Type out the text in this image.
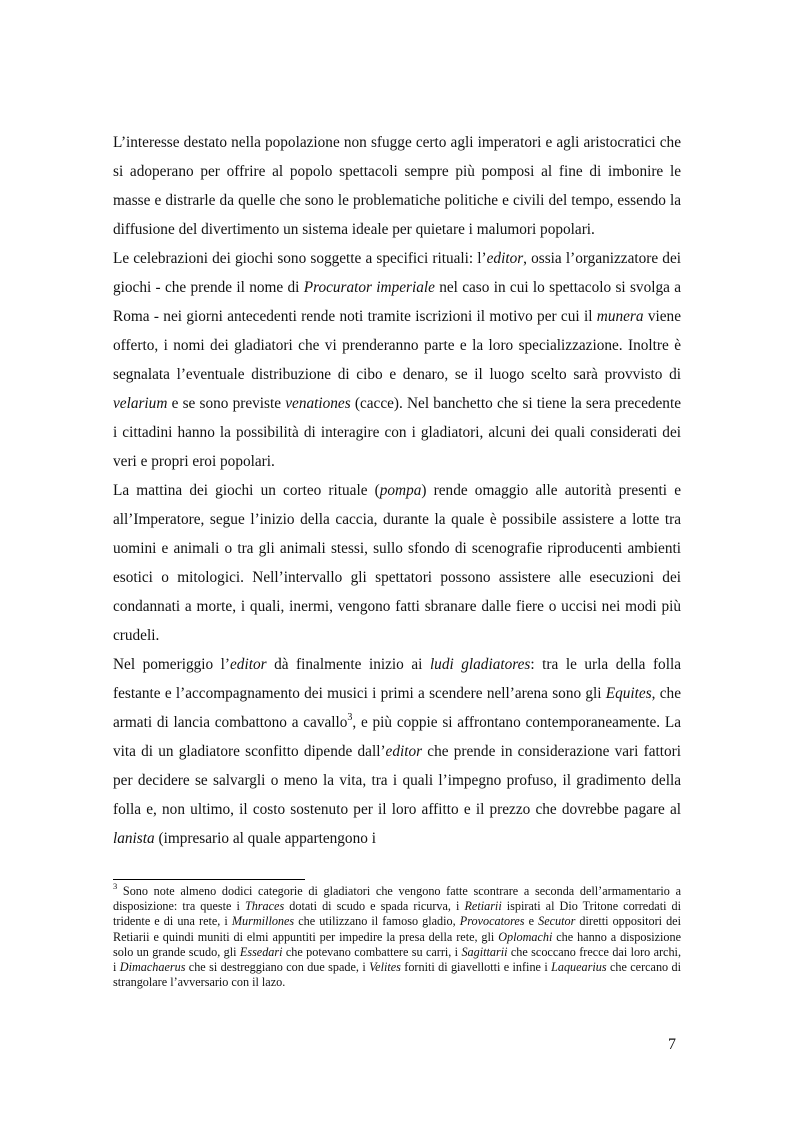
L’interesse destato nella popolazione non sfugge certo agli imperatori e agli aristocratici che si adoperano per offrire al popolo spettacoli sempre più pomposi al fine di imbonire le masse e distrarle da quelle che sono le problematiche politiche e civili del tempo, essendo la diffusione del divertimento un sistema ideale per quietare i malumori popolari.

Le celebrazioni dei giochi sono soggette a specifici rituali: l’editor, ossia l’organizzatore dei giochi - che prende il nome di Procurator imperiale nel caso in cui lo spettacolo si svolga a Roma - nei giorni antecedenti rende noti tramite iscrizioni il motivo per cui il munera viene offerto, i nomi dei gladiatori che vi prenderanno parte e la loro specializzazione. Inoltre è segnalata l’eventuale distribuzione di cibo e denaro, se il luogo scelto sarà provvisto di velarium e se sono previste venationes (cacce). Nel banchetto che si tiene la sera precedente i cittadini hanno la possibilità di interagire con i gladiatori, alcuni dei quali considerati dei veri e propri eroi popolari.

La mattina dei giochi un corteo rituale (pompa) rende omaggio alle autorità presenti e all’Imperatore, segue l’inizio della caccia, durante la quale è possibile assistere a lotte tra uomini e animali o tra gli animali stessi, sullo sfondo di scenografie riproducenti ambienti esotici o mitologici. Nell’intervallo gli spettatori possono assistere alle esecuzioni dei condannati a morte, i quali, inermi, vengono fatti sbranare dalle fiere o uccisi nei modi più crudeli.

Nel pomeriggio l’editor dà finalmente inizio ai ludi gladiatores: tra le urla della folla festante e l’accompagnamento dei musici i primi a scendere nell’arena sono gli Equites, che armati di lancia combattono a cavallo$^3$, e più coppie si affrontano contemporaneamente. La vita di un gladiatore sconfitto dipende dall’editor che prende in considerazione vari fattori per decidere se salvargli o meno la vita, tra i quali l’impegno profuso, il gradimento della folla e, non ultimo, il costo sostenuto per il loro affitto e il prezzo che dovrebbe pagare al lanista (impresario al quale appartengono i

$^3$ Sono note almeno dodici categorie di gladiatori che vengono fatte scontrare a seconda dell’armamentario a disposizione: tra queste i Thraces dotati di scudo e spada ricurva, i Retiarii ispirati al Dio Tritone corredati di tridente e di una rete, i Murmillones che utilizzano il famoso gladio, Provocatores e Secutor diretti oppositori dei Retiarii e quindi muniti di elmi appuntiti per impedire la presa della rete, gli Oplomachi che hanno a disposizione solo un grande scudo, gli Essedari che potevano combattere su carri, i Sagittarii che scoccano frecce dai loro archi, i Dimachaerus che si destreggiano con due spade, i Velites forniti di giavellotti e infine i Laquearius che cercano di strangolare l’avversario con il lazo.
7
